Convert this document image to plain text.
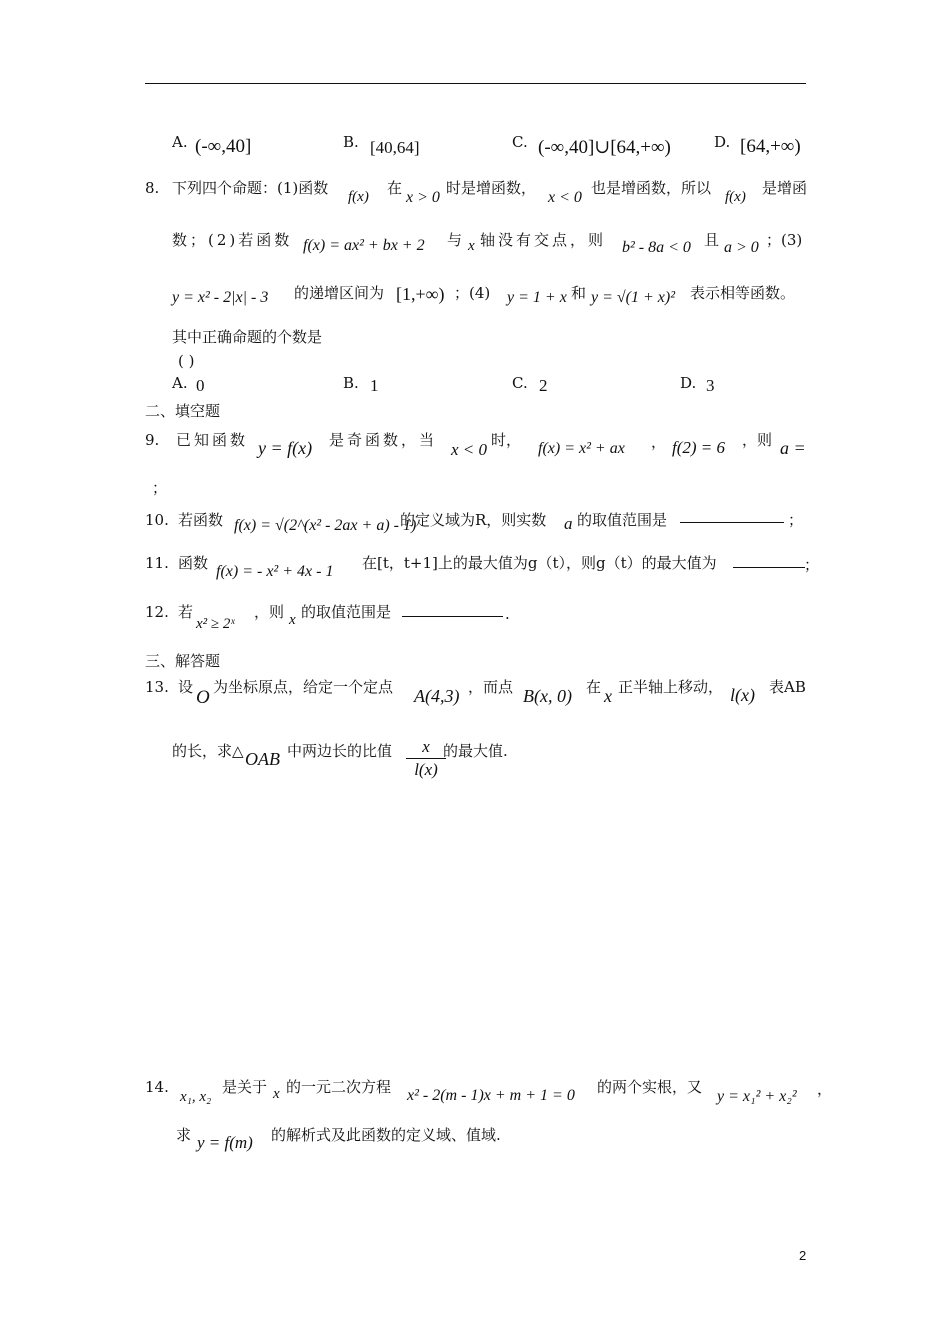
A. (-∞,40]	B. [40,64]	C. (-∞,40]∪[64,+∞)	D. [64,+∞)
8. 下列四个命题：(1)函数 f(x) 在
x > 0
时是增函数，
x < 0
也是增函数，所以 f(x) 是增函
数；(2)若函数 f(x) = ax² + bx + 2 与 x 轴没有交点，则 b² - 8a < 0 且 a > 0 ；(3)
y = x² - 2|x| - 3 的递增区间为 [1,+∞) ；(4) y = 1 + x 和 y = √(1 + x)² 表示相等函数。
其中正确命题的个数是
( )
A. 0	B. 1	C. 2	D. 3
二、填空题
9. 已知函数 y = f(x) 是奇函数，当 x < 0 时， f(x) = x² + ax ， f(2) = 6 ，则 a =
；
10. 若函数 f(x) = √(2^(x² - 2ax + a) - 1)
的定义域为R，则实数 a 的取值范围是	；
11. 函数 f(x) = - x² + 4x - 1 在[t，t+1]上的最大值为g（t），则g（t）的最大值为	；
12. 若
x² ≥ 2ˣ
，则 x 的取值范围是	.
三、解答题
13. 设 O 为坐标原点，给定一个定点 A(4,3) ，而点 B(x, 0) 在 x 正半轴上移动， l(x) 表AB
的长，求△ OAB 中两边长的比值 $\frac{x}{l(x)}$
的最大值.
14.
x₁, x₂
是关于 x 的一元二次方程 x² - 2(m - 1)x + m + 1 = 0 的两个实根，又
y = x₁² + x₂² ，
求 y = f(m) 的解析式及此函数的定义域、值域.
2
